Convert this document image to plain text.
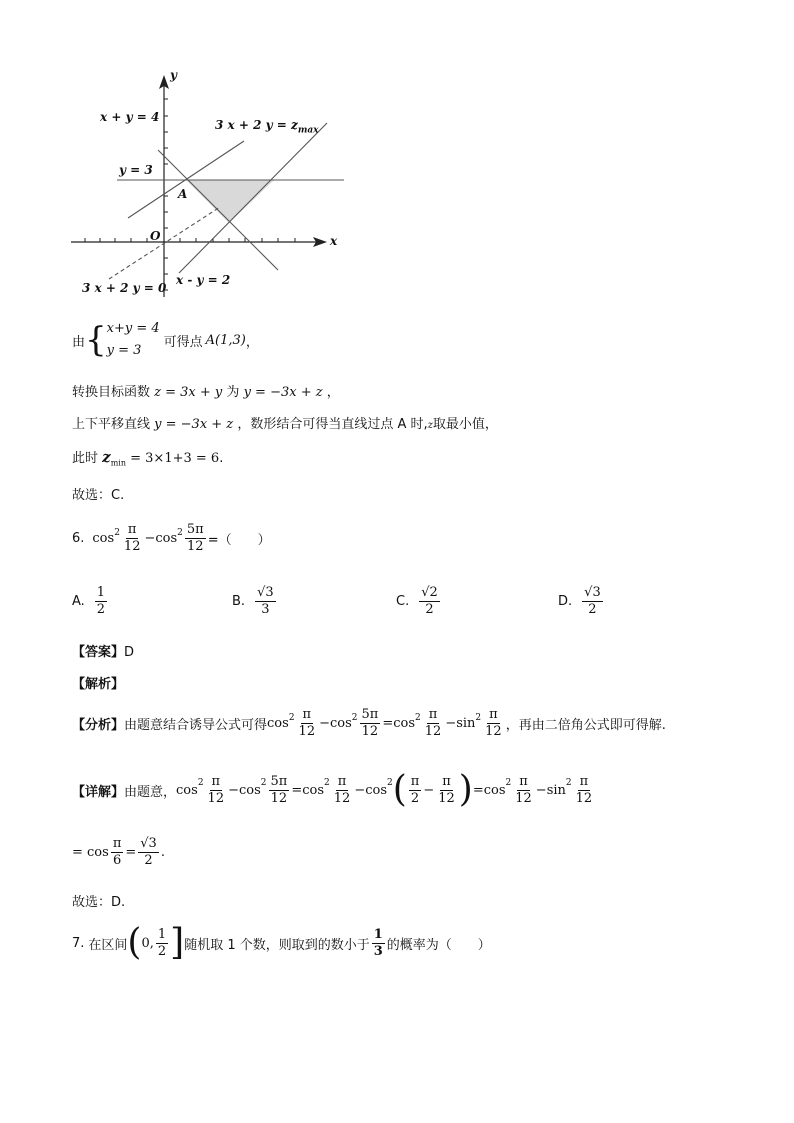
y
x
O
A
x + y = 4
3 x + 2 $y = z_{max}$
y = 3
3 x + 2 y = 0
x - y = 2
由 { x+y = 4
y = 3
可得点 A(1,3) ，
转换目标函数 z = 3x + y 为 y = −3x + z ，
上下平移直线 y = −3x + z ，数形结合可得当直线过点 A 时,z取最小值，
此时 $z_{min} = 3\times 1+3 = 6$.
故选：C.
6. $\cos^2 \frac{\pi}{12} - \cos^2 \frac{5\pi}{12}$ =（　　）
A. $\frac{1}{2}$	B. $\frac{√3}{3}$	C. $\frac{√2}{2}$	D. $\frac{√3}{2}$
【答案】D
【解析】
【分析】 由题意结合诱导公式可得 $\cos^2 \frac{\pi}{12} - \cos^2 \frac{5\pi}{12} = \cos^2 \frac{\pi}{12} - \sin^2 \frac{\pi}{12}$ ，再由二倍角公式即可得解.
【详解】 由题意， $\cos^2 \frac{\pi}{12} - \cos^2 \frac{5\pi}{12} = \cos^2 \frac{\pi}{12} - \cos^2$ ( $\frac{\pi}{2} - \frac{\pi}{12}$ ) = $\cos^2 \frac{\pi}{12} - \sin^2 \frac{\pi}{12}$
= $\cos \frac{\pi}{6} = \frac{√3}{2}$ .
故选：D.
7. 在区间 ( 0, $\frac{1}{2}$ ] 随机取 1 个数，则取到的数小于 $\frac{1}{3}$ 的概率为（　　）
